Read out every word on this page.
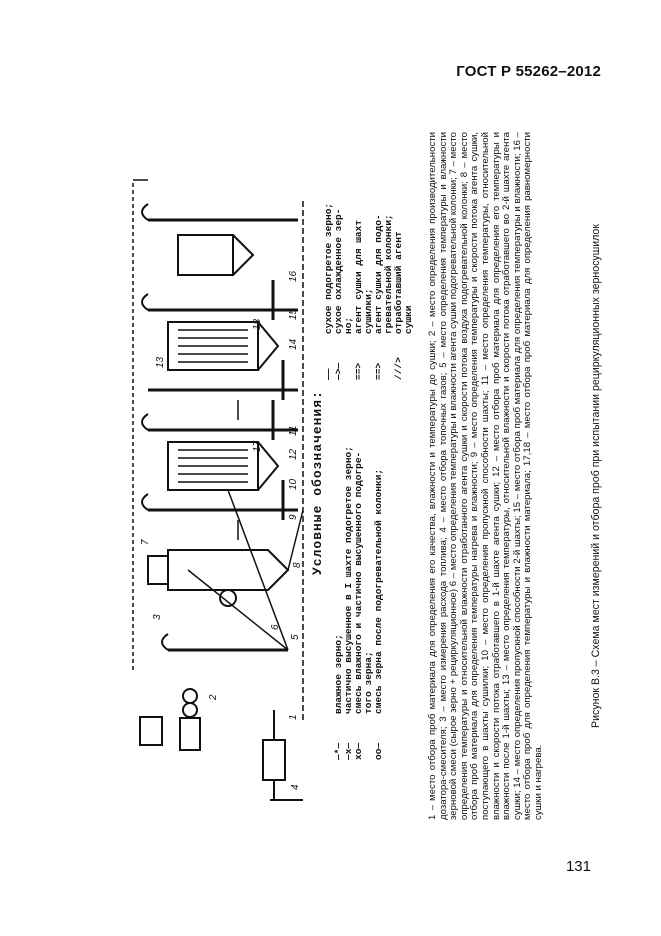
ГОСТ Р 55262–2012
1
2
3
4
5
6
7
8
9
10
11
12
13
14
15
16
17
18
Условные обозначения:
—*—влажное зерно;
—x—частично высушенное в I шахте подогретое зерно;
xo—смесь влажного и частично высушенного подогре- того зерна;
oo—смесь зерна после подогревательной колонки;
——сухое подогретое зерно;
—>—сухое охлажденное зер- но;
==>агент сушки для шахт сушилки;
==>агент сушки для подо- гревательной колонки;
///>отработавший агент сушки 1 – место отбора проб материала для определения его качества, влажности и температуры до сушки; 2 – место определения производительности дозатора-смесителя; 3 – место измерения расхода топлива; 4 – место отбора топочных газов; 5 – место определения температуры и влажности зерновой смеси (сырое зерно + рециркуляционное) 6 – место определения температуры и влажности агента сушки подогревательной колонки; 7 – место определения температуры и относительной влажности отработанного агента сушки и скорости потока воздуха подогревательной колонки; 8 – место отбора проб материала для определения температуры нагрева и влажности; 9 – место определения температуры и скорости потока агента сушки, поступающего в шахты сушилки; 10 – место определения пропускной способности шахты; 11 – место определения температуры, относительной влажности и скорости потока отработавшего в 1-й шахте агента сушки; 12 – место отбора проб материала для определения его температуры и влажности после 1-й шахты; 13 – место определения температуры, относительной влажности и скорости потока отработавшего во 2-й шахте агента сушки; 14 – место определения пропускной способности 2-й шахты; 15 – место отбора проб материала для определения температуры и влажности; 16 – место отбора проб для определения температуры и влажности материала; 17,18 – место отбора проб материала для определения равномерности сушки и нагрева.
Рисунок В.3 – Схема мест измерений и отбора проб при испытании рециркуляционных зерносушилок
131
